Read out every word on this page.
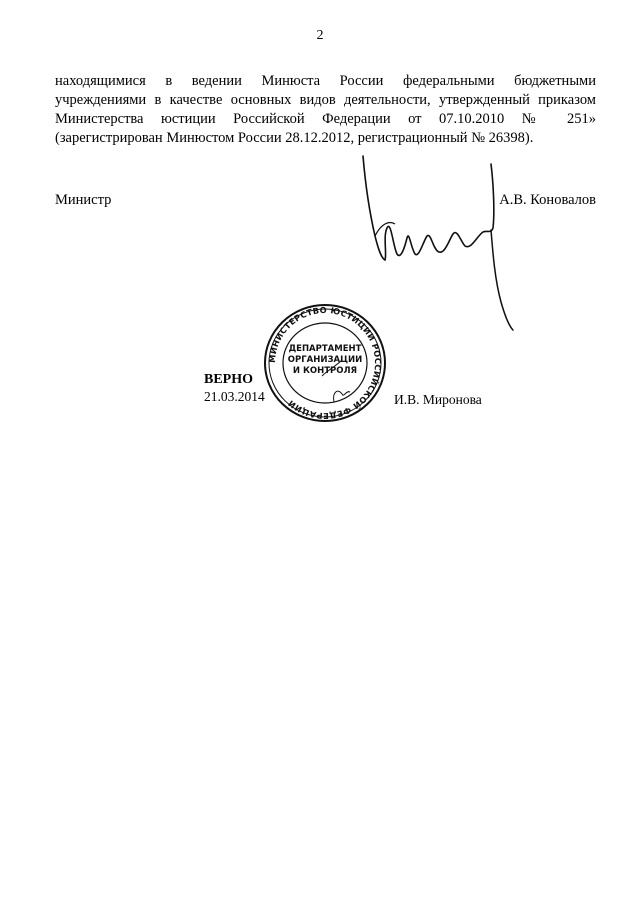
2
находящимися в ведении Минюста России федеральными бюджетными
учреждениями в качестве основных видов деятельности, утвержденный приказом
Министерства юстиции Российской Федерации от 07.10.2010 № 251»
(зарегистрирован Минюстом России 28.12.2012, регистрационный № 26398).
Министр	А.В. Коновалов
МИНИСТЕРСТВО ЮСТИЦИИ РОССИЙСКОЙ ФЕДЕРАЦИИ
ДЕПАРТАМЕНТ
ОРГАНИЗАЦИИ
И КОНТРОЛЯ
ВЕРНО
21.03.2014	И.В. Миронова
